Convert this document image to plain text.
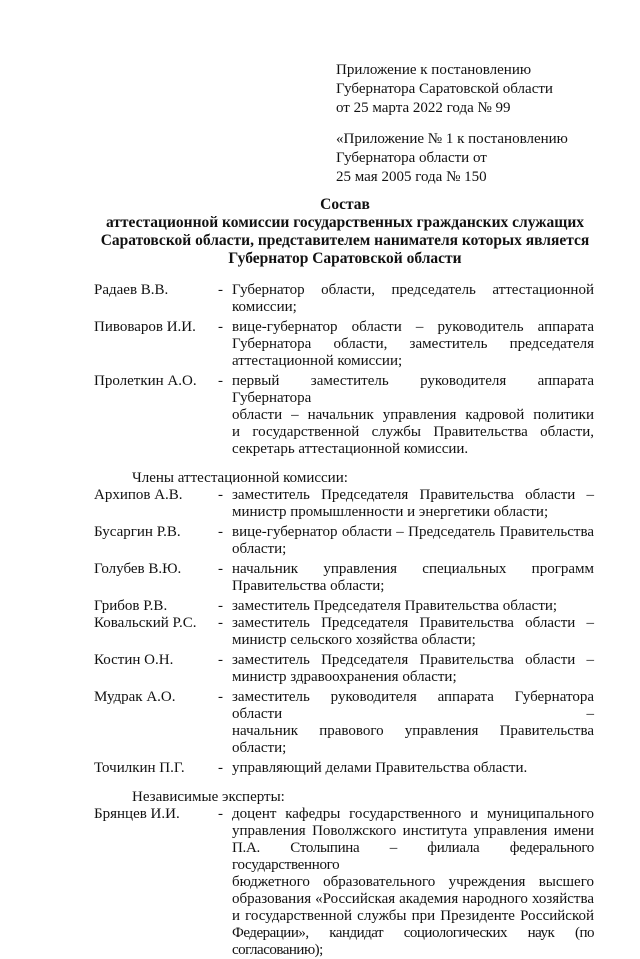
Приложение к постановлению
Губернатора Саратовской области
от 25 марта 2022 года № 99
«Приложение № 1 к постановлению
Губернатора области от
25 мая 2005 года № 150
Состав
аттестационной комиссии государственных гражданских служащих
Саратовской области, представителем нанимателя которых является
Губернатор Саратовской области
Радаев В.В.	- Губернатор области, председатель аттестационной
комиссии;
Пивоваров И.И.	- вице-губернатор области – руководитель аппарата
Губернатора области, заместитель председателя
аттестационной комиссии;
Пролеткин А.О.	- первый заместитель руководителя аппарата Губернатора
области – начальник управления кадровой политики
и государственной службы Правительства области,
секретарь аттестационной комиссии.
Члены аттестационной комиссии:
Архипов А.В.	- заместитель Председателя Правительства области –
министр промышленности и энергетики области;
Бусаргин Р.В.	- вице-губернатор области – Председатель Правительства
области;
Голубев В.Ю.	- начальник управления специальных программ
Правительства области;
Грибов Р.В.	- заместитель Председателя Правительства области;
Ковальский Р.С.	- заместитель Председателя Правительства области –
министр сельского хозяйства области;
Костин О.Н.	- заместитель Председателя Правительства области –
министр здравоохранения области;
Мудрак А.О.	- заместитель руководителя аппарата Губернатора области –
начальник правового управления Правительства области;
Точилкин П.Г.	- управляющий делами Правительства области.
Независимые эксперты:
Брянцев И.И.	- доцент кафедры государственного и муниципального
управления Поволжского института управления имени
П.А. Столыпина – филиала федерального государственного
бюджетного образовательного учреждения высшего
образования «Российская академия народного хозяйства
и государственной службы при Президенте Российской
Федерации», кандидат социологических наук (по согласованию);
